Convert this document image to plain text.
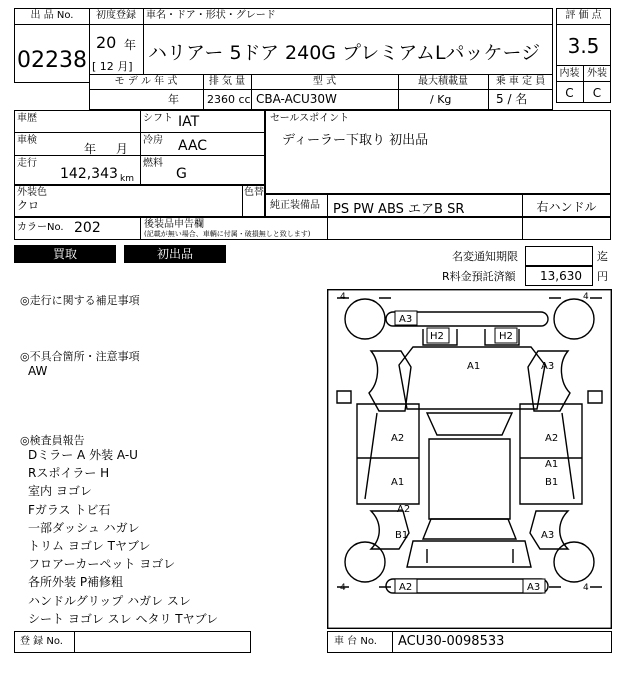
出 品 No.
02238
初度登録	車名・ドア・形状・グレード
20 年
[ 12 月]
ハリアー 5ドア 240G プレミアムLパッケージ
評 価 点
3.5
内装 外装
C	C
モ デ ル 年 式	排 気 量	型 式	最大積載量	乗 車 定 員
年	2360 cc CBA-ACU30W	/ Kg	5 / 名
車歴	シフト IAT
車検
年 月
冷房 AAC
走行
142,343 km
燃料
G
セールスポイント
ディーラー下取り 初出品
外装色
クロ
色替
純正装備品 PS PW ABS エアB SR	右ハンドル
カラーNo. 202	後装品申告欄
(記載が無い場合、車輌に付属・破損無しと致します)
買取	初出品	名変通知期限	迄
R料金預託済額 13,630 円
◎走行に関する補足事項
◎不具合箇所・注意事項
AW
◎検査員報告
Dミラー A 外装 A-U
Rスポイラー H
室内 ヨゴレ
Fガラス トビ石
一部ダッシュ ハガレ
トリム ヨゴレ Tヤブレ
フロアーカーペット ヨゴレ
各所外装 P補修粗
ハンドルグリップ ハガレ スレ
シート ヨゴレ スレ ヘタリ Tヤブレ
4	4
4	4
A3
H2	H2
A1	A3
A2	A2
A1
A1	B1
A2
B1	A3
A2	A3
登 録 No.	車 台 No. ACU30-0098533
